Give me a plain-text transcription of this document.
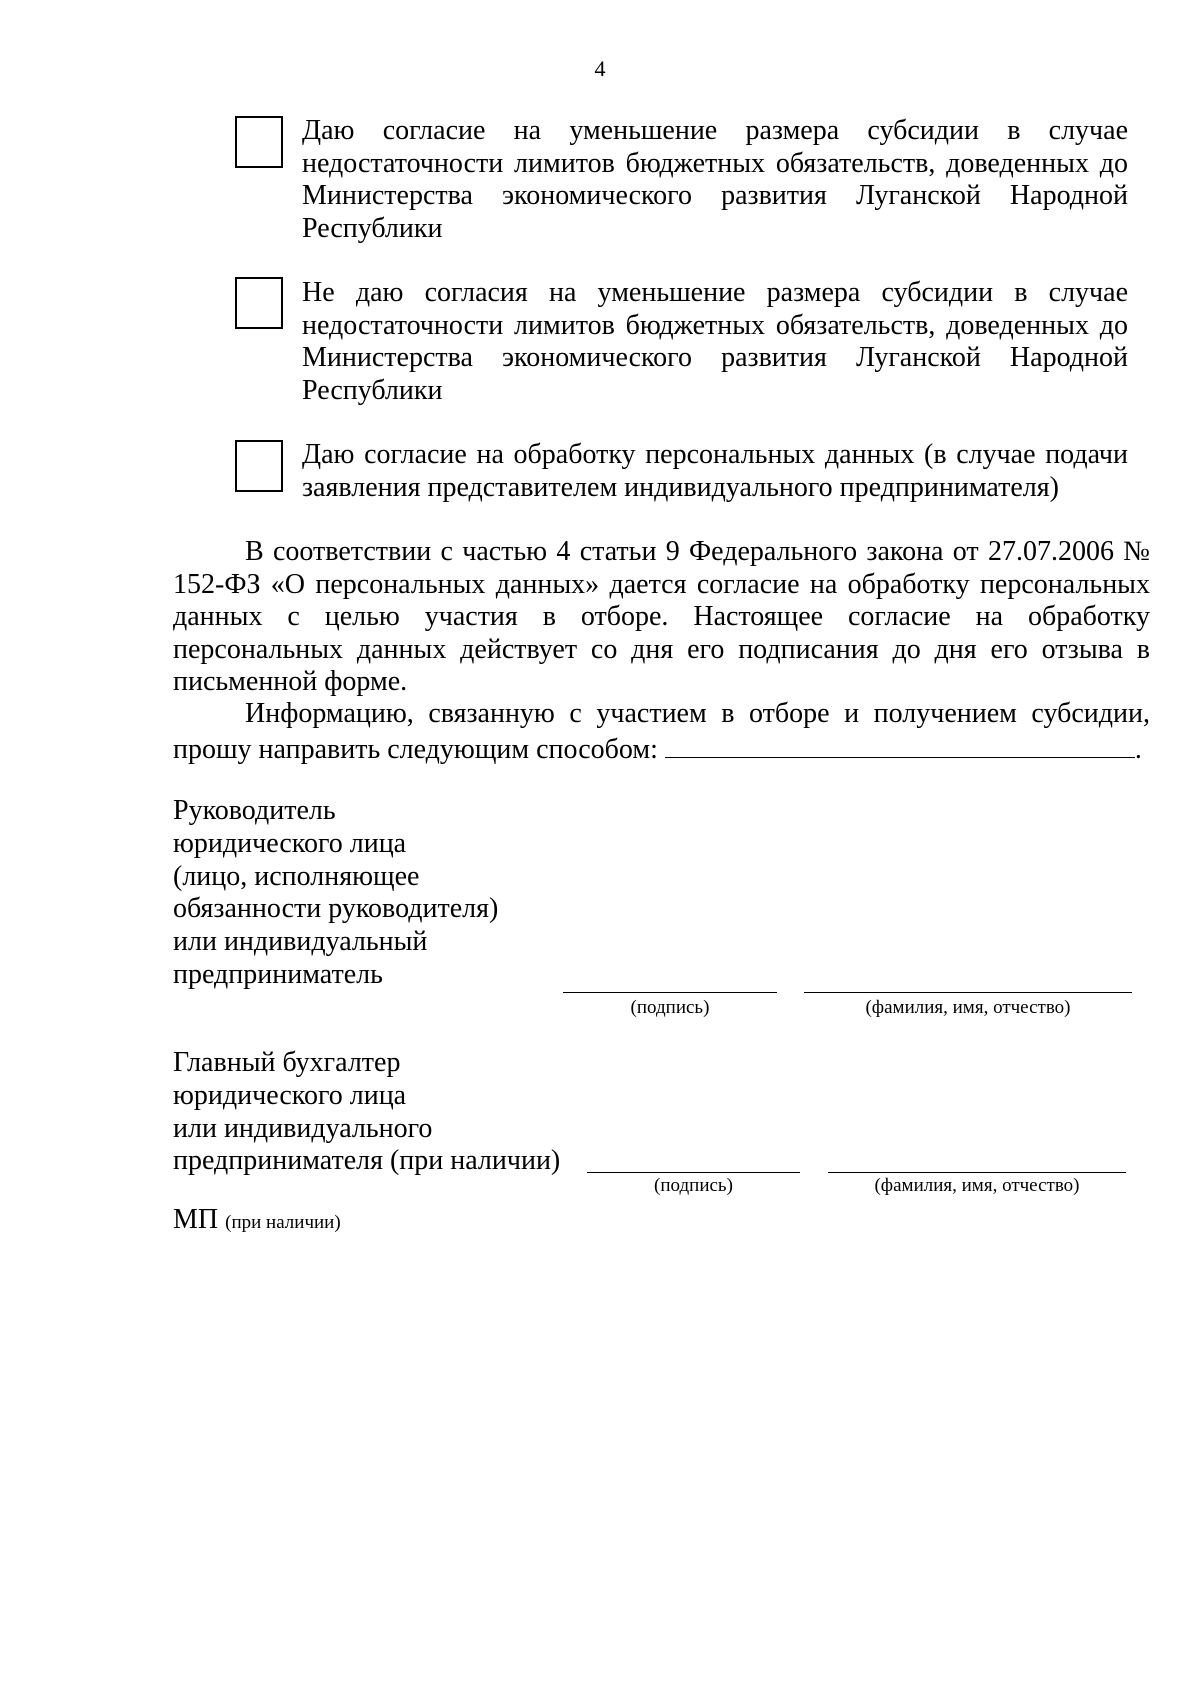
4
Даю согласие на уменьшение размера субсидии в случае недостаточности лимитов бюджетных обязательств, доведенных до Министерства экономического развития Луганской Народной Республики
Не даю согласия на уменьшение размера субсидии в случае недостаточности лимитов бюджетных обязательств, доведенных до Министерства экономического развития Луганской Народной Республики
Даю согласие на обработку персональных данных (в случае подачи заявления представителем индивидуального предпринимателя)
В соответствии с частью 4 статьи 9 Федерального закона от 27.07.2006 № 152-ФЗ «О персональных данных» дается согласие на обработку персональных данных с целью участия в отборе. Настоящее согласие на обработку персональных данных действует со дня его подписания до дня его отзыва в письменной форме.
Информацию, связанную с участием в отборе и получением субсидии, прошу направить следующим способом:	.
Руководитель
юридического лица
(лицо, исполняющее
обязанности руководителя)
или индивидуальный
предприниматель
(подпись)	(фамилия, имя, отчество)
Главный бухгалтер
юридического лица
или индивидуального
предпринимателя (при наличии)
(подпись)	(фамилия, имя, отчество)
МП (при наличии)
